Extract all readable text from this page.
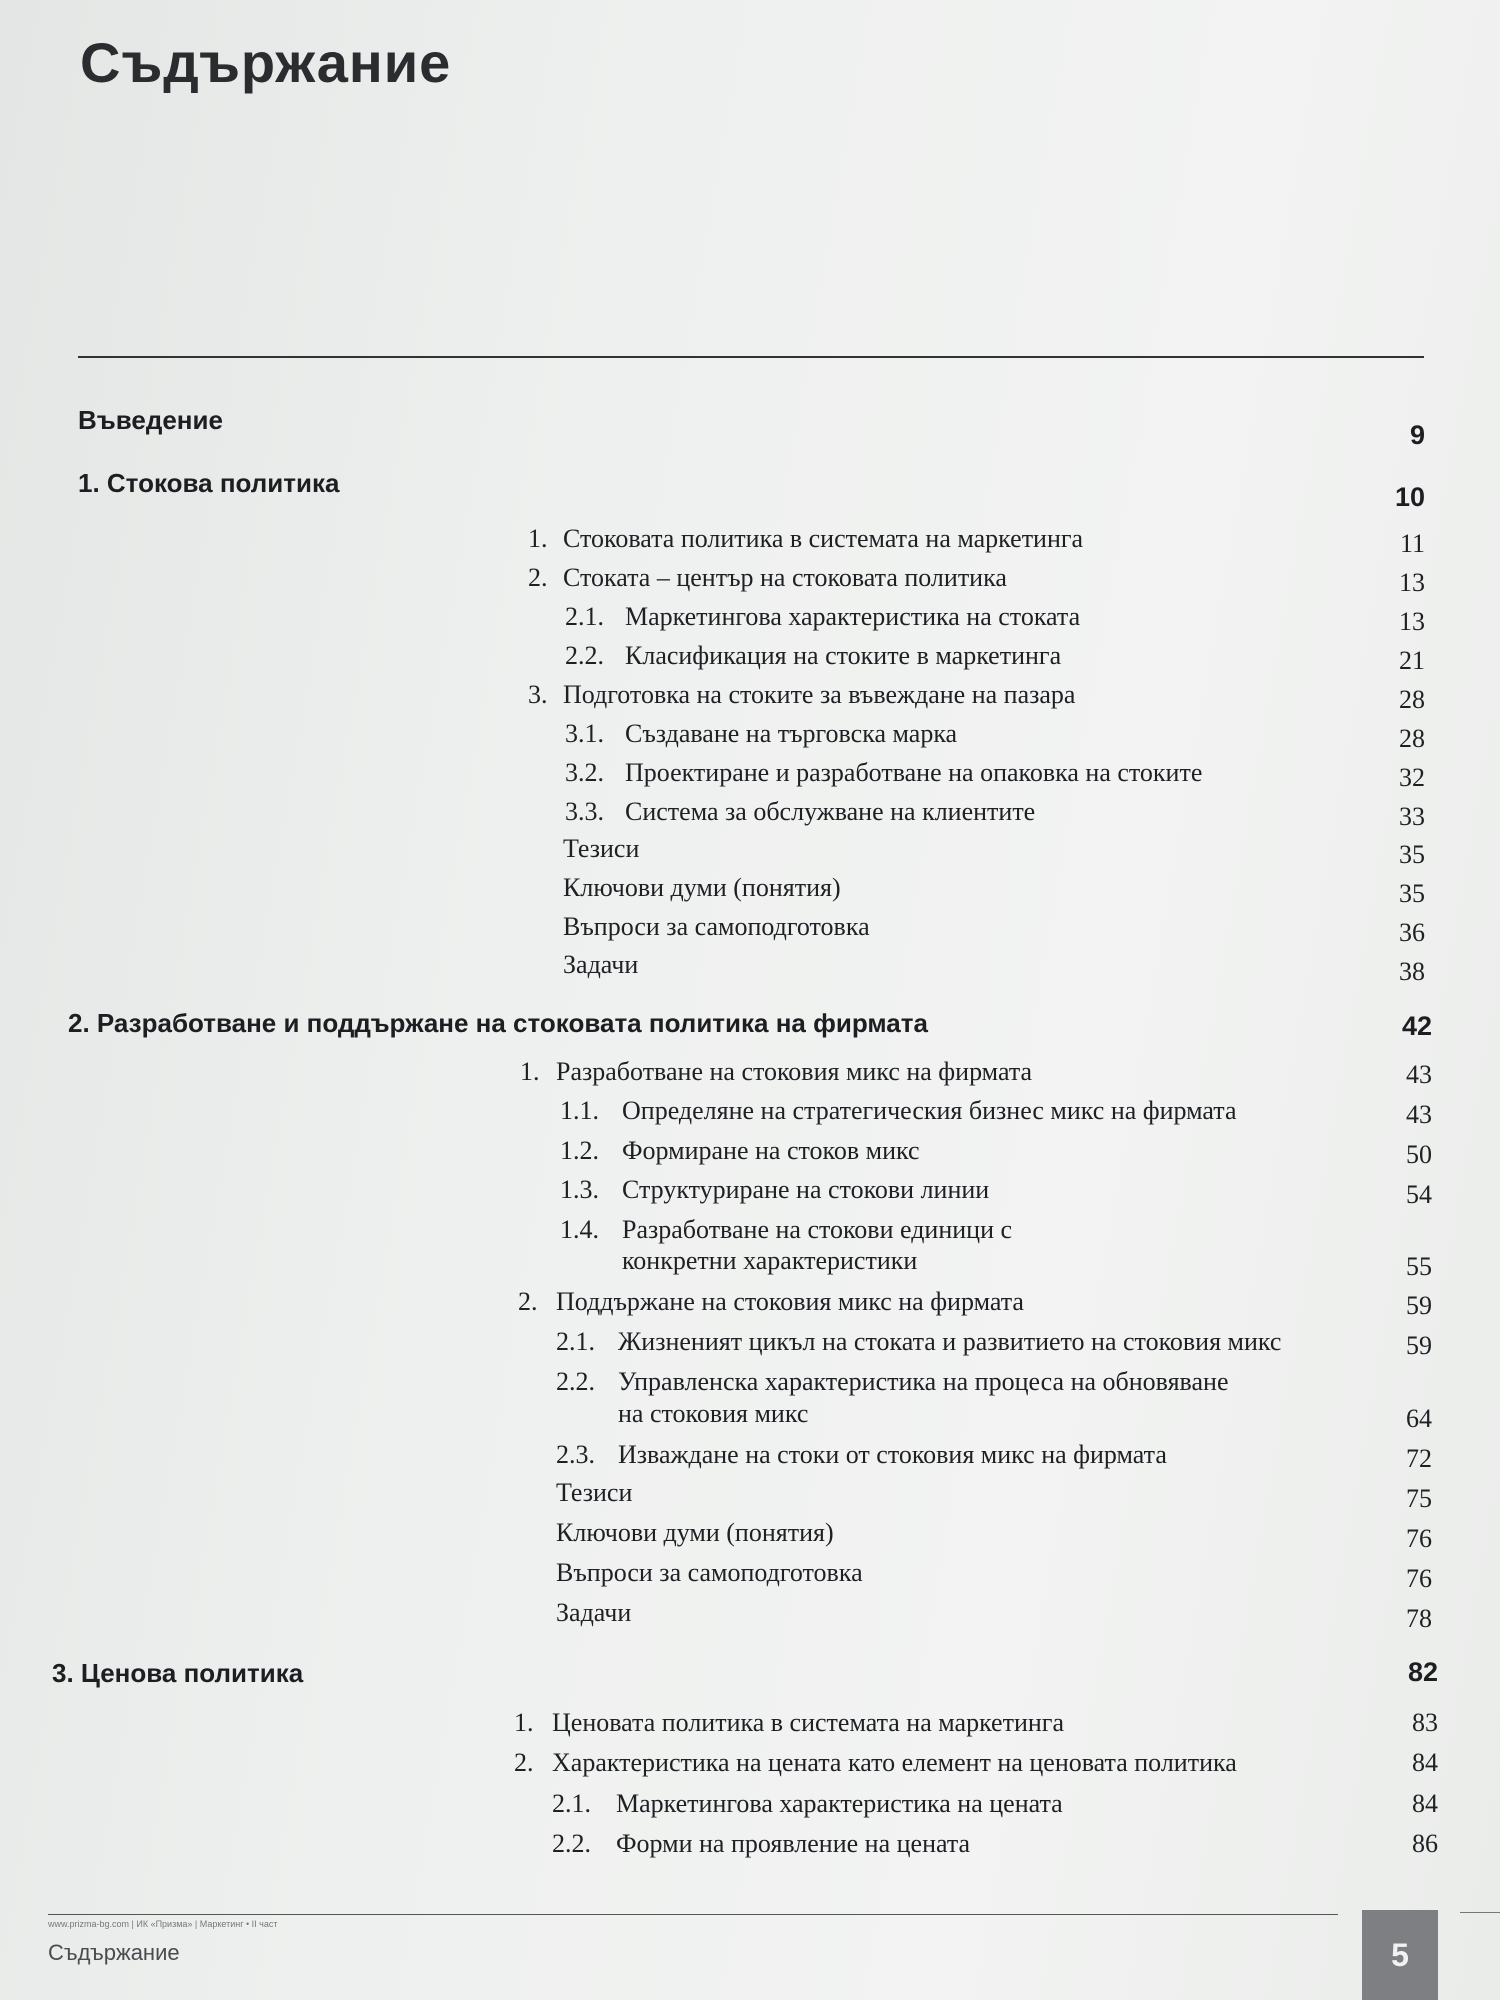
Съдържание
Въведение	9
1. Стокова политика	10
1. Стоковата политика в системата на маркетинга	11
2. Стоката – център на стоковата политика	13
2.1. Маркетингова характеристика на стоката	13
2.2. Класификация на стоките в маркетинга	21
3. Подготовка на стоките за въвеждане на пазара	28
3.1. Създаване на търговска марка	28
3.2. Проектиране и разработване на опаковка на стоките	32
3.3. Система за обслужване на клиентите	33
Тезиси	35
Ключови думи (понятия)	35
Въпроси за самоподготовка	36
Задачи	38
2. Разработване и поддържане на стоковата политика на фирмата	42
1. Разработване на стоковия микс на фирмата	43
1.1. Определяне на стратегическия бизнес микс на фирмата	43
1.2. Формиране на стоков микс	50
1.3. Структуриране на стокови линии	54
1.4. Разработване на стокови единици с
конкретни характеристики	55
2. Поддържане на стоковия микс на фирмата	59
2.1. Жизненият цикъл на стоката и развитието на стоковия микс	59
2.2. Управленска характеристика на процеса на обновяване
на стоковия микс	64
2.3. Изваждане на стоки от стоковия микс на фирмата	72
Тезиси	75
Ключови думи (понятия)	76
Въпроси за самоподготовка	76
Задачи	78
3. Ценова политика	82
1. Ценовата политика в системата на маркетинга	83
2. Характеристика на цената като елемент на ценовата политика	84
2.1. Маркетингова характеристика на цената	84
2.2. Форми на проявление на цената	86
www.prizma-bg.com | ИК «Призма» | Маркетинг • II част
Съдържание	5
